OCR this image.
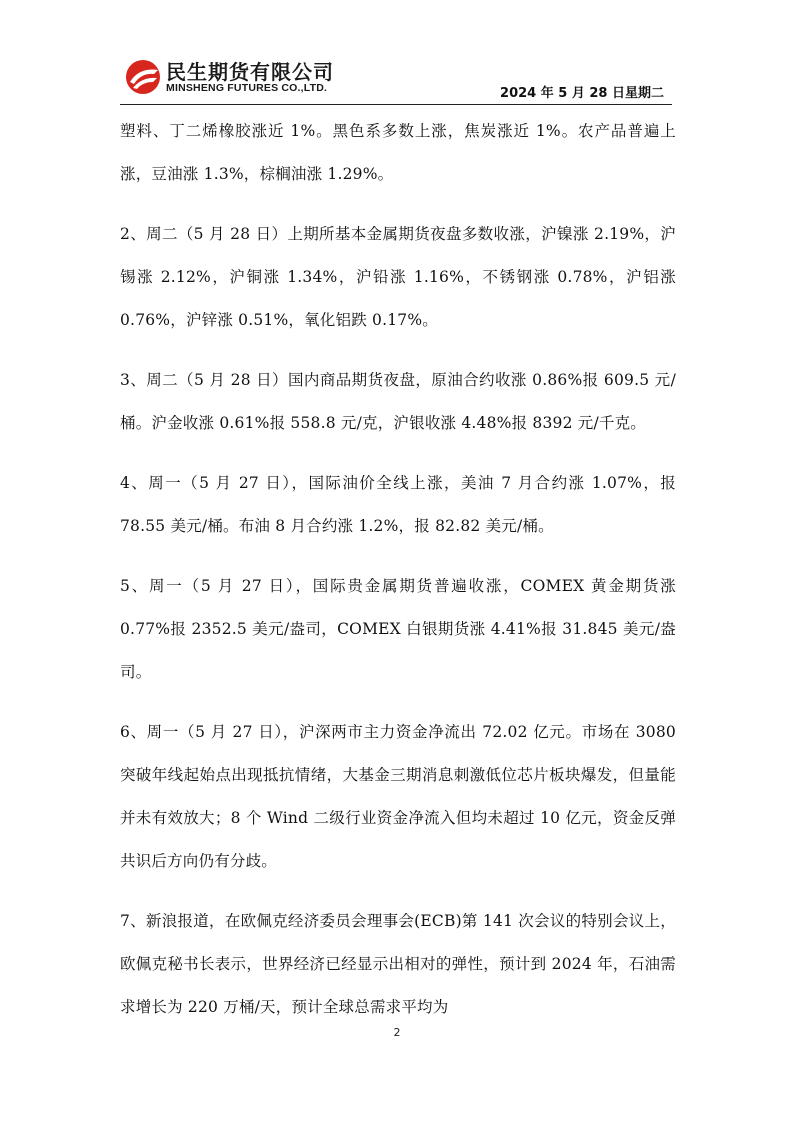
民生期货有限公司
MINSHENG FUTURES CO.,LTD.	2024 年 5 月 28 日星期二

塑料、丁二烯橡胶涨近 1%。黑色系多数上涨，焦炭涨近 1%。农产品普遍上涨，豆油涨 1.3%，棕榈油涨 1.29%。

2、周二（5 月 28 日）上期所基本金属期货夜盘多数收涨，沪镍涨 2.19%，沪锡涨 2.12%，沪铜涨 1.34%，沪铅涨 1.16%，不锈钢涨 0.78%，沪铝涨 0.76%，沪锌涨 0.51%，氧化铝跌 0.17%。

3、周二（5 月 28 日）国内商品期货夜盘，原油合约收涨 0.86%报 609.5 元/桶。沪金收涨 0.61%报 558.8 元/克，沪银收涨 4.48%报 8392 元/千克。

4、周一（5 月 27 日），国际油价全线上涨，美油 7 月合约涨 1.07%，报 78.55 美元/桶。布油 8 月合约涨 1.2%，报 82.82 美元/桶。

5、周一（5 月 27 日），国际贵金属期货普遍收涨，COMEX 黄金期货涨 0.77%报 2352.5 美元/盎司，COMEX 白银期货涨 4.41%报 31.845 美元/盎司。

6、周一（5 月 27 日），沪深两市主力资金净流出 72.02 亿元。市场在 3080 突破年线起始点出现抵抗情绪，大基金三期消息刺激低位芯片板块爆发，但量能并未有效放大；8 个 Wind 二级行业资金净流入但均未超过 10 亿元，资金反弹共识后方向仍有分歧。

7、新浪报道，在欧佩克经济委员会理事会(ECB)第 141 次会议的特别会议上，欧佩克秘书长表示，世界经济已经显示出相对的弹性，预计到 2024 年，石油需求增长为 220 万桶/天，预计全球总需求平均为

2
